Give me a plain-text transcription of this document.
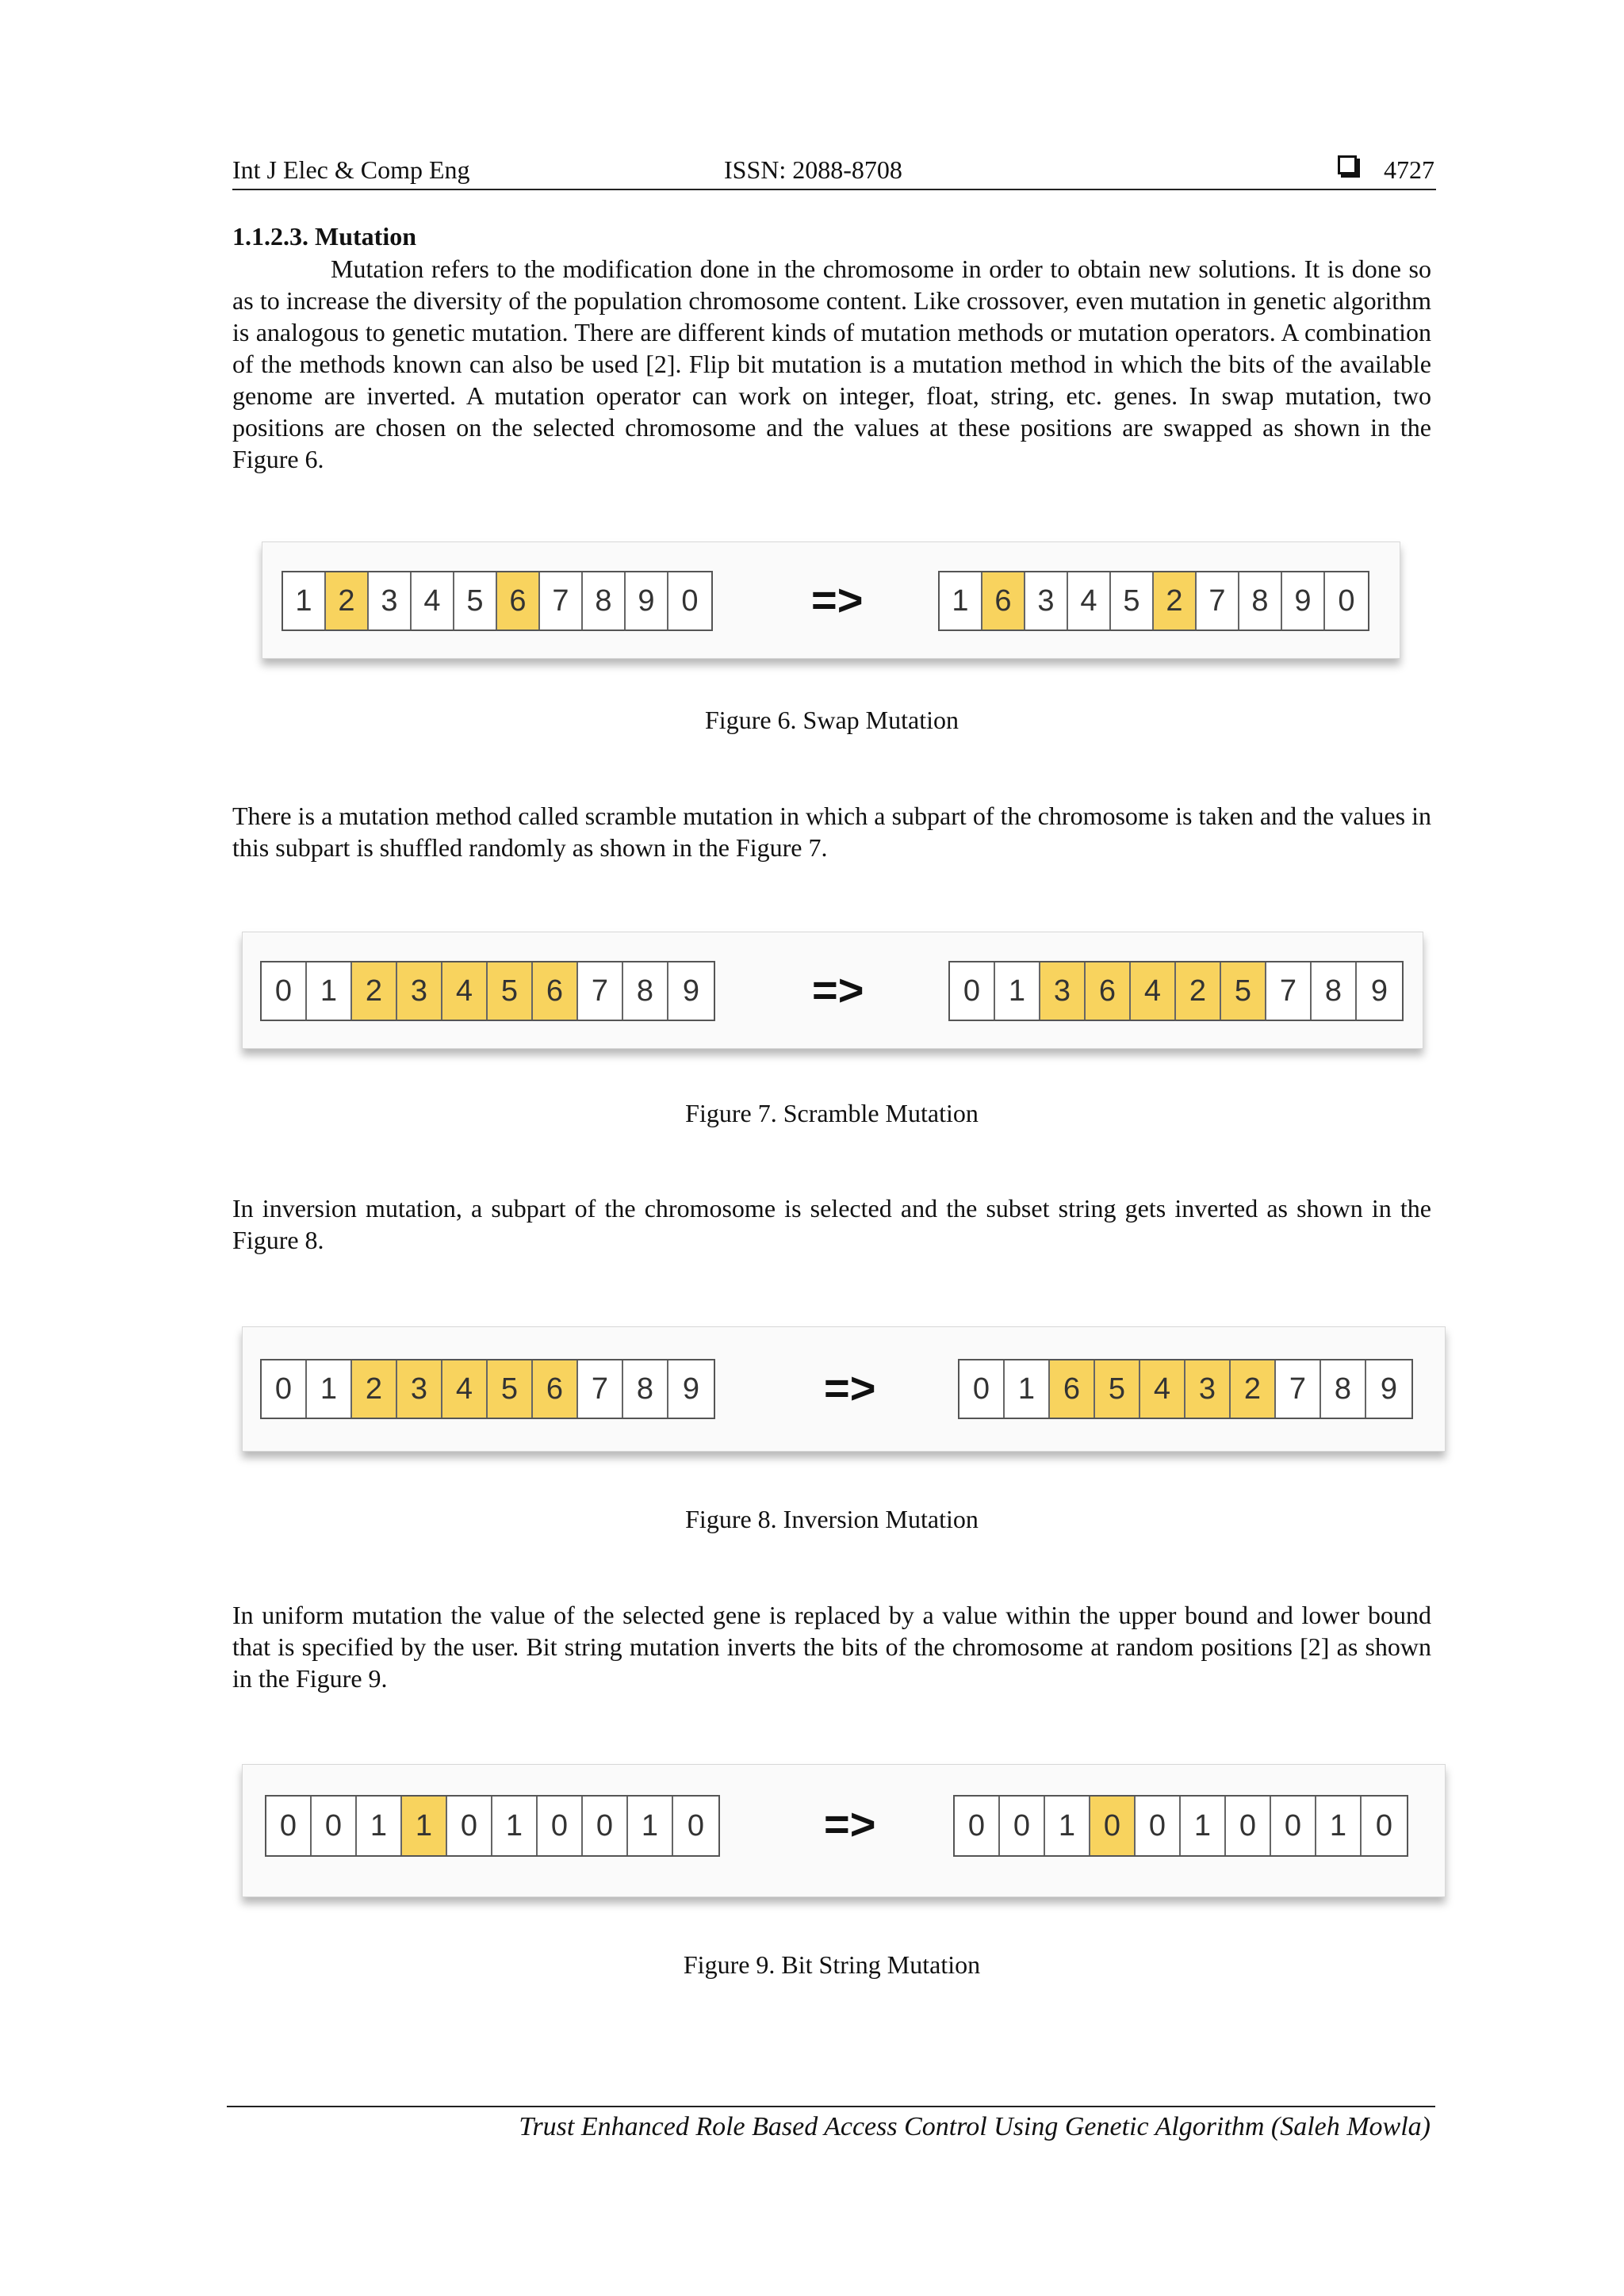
Int J Elec & Comp Eng	ISSN: 2088-8708	4727
1.1.2.3. Mutation

Mutation refers to the modification done in the chromosome in order to obtain new solutions. It is done so as to increase the diversity of the population chromosome content. Like crossover, even mutation in genetic algorithm is analogous to genetic mutation. There are different kinds of mutation methods or mutation operators. A combination of the methods known can also be used [2]. Flip bit mutation is a mutation method in which the bits of the available genome are inverted. A mutation operator can work on integer, float, string, etc. genes. In swap mutation, two positions are chosen on the selected chromosome and the values at these positions are swapped as shown in the Figure 6.

1 2 3 4 5 6 7 8 9 0	=>	1 6 3 4 5 2 7 8 9 0
Figure 6. Swap Mutation

There is a mutation method called scramble mutation in which a subpart of the chromosome is taken and the values in this subpart is shuffled randomly as shown in the Figure 7.

0 1 2 3 4 5 6 7 8 9	=>	0 1 3 6 4 2 5 7 8 9
Figure 7. Scramble Mutation

In inversion mutation, a subpart of the chromosome is selected and the subset string gets inverted as shown in the Figure 8.

0 1 2 3 4 5 6 7 8 9	=>	0 1 6 5 4 3 2 7 8 9
Figure 8. Inversion Mutation

In uniform mutation the value of the selected gene is replaced by a value within the upper bound and lower bound that is specified by the user. Bit string mutation inverts the bits of the chromosome at random positions [2] as shown in the Figure 9.

0 0 1 1 0 1 0 0 1 0	=>	0 0 1 0 0 1 0 0 1 0
Figure 9. Bit String Mutation
Trust Enhanced Role Based Access Control Using Genetic Algorithm (Saleh Mowla)
